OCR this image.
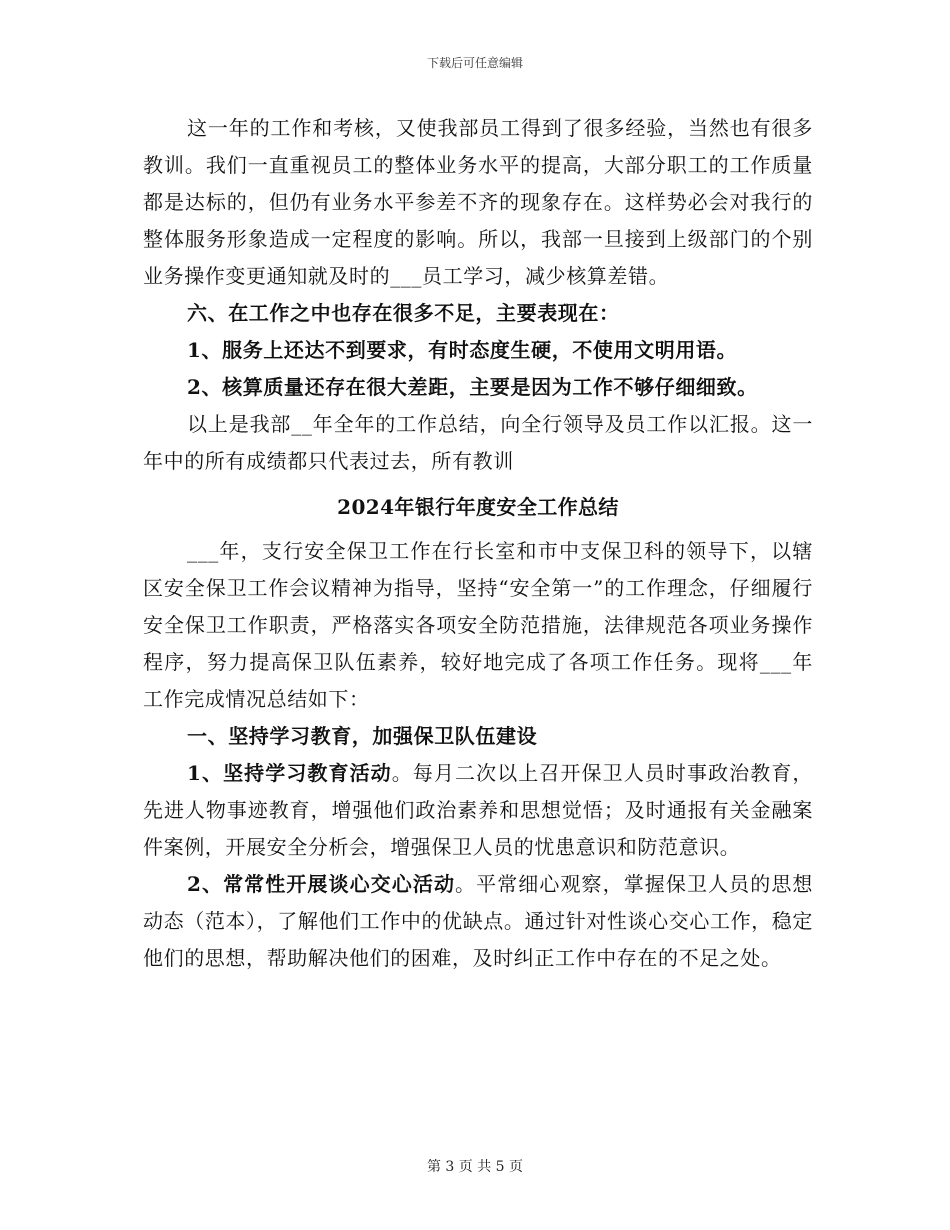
下载后可任意编辑

这一年的工作和考核，又使我部员工得到了很多经验，当然也有很多教训。我们一直重视员工的整体业务水平的提高，大部分职工的工作质量都是达标的，但仍有业务水平参差不齐的现象存在。这样势必会对我行的整体服务形象造成一定程度的影响。所以，我部一旦接到上级部门的个别业务操作变更通知就及时的___员工学习，减少核算差错。

六、在工作之中也存在很多不足，主要表现在：

1、服务上还达不到要求，有时态度生硬，不使用文明用语。

2、核算质量还存在很大差距，主要是因为工作不够仔细细致。

以上是我部__年全年的工作总结，向全行领导及员工作以汇报。这一年中的所有成绩都只代表过去，所有教训

2024年银行年度安全工作总结

___年，支行安全保卫工作在行长室和市中支保卫科的领导下，以辖区安全保卫工作会议精神为指导，坚持“安全第一”的工作理念，仔细履行安全保卫工作职责，严格落实各项安全防范措施，法律规范各项业务操作程序，努力提高保卫队伍素养，较好地完成了各项工作任务。现将___年工作完成情况总结如下：

一、坚持学习教育，加强保卫队伍建设

1、坚持学习教育活动。每月二次以上召开保卫人员时事政治教育，先进人物事迹教育，增强他们政治素养和思想觉悟；及时通报有关金融案件案例，开展安全分析会，增强保卫人员的忧患意识和防范意识。

2、常常性开展谈心交心活动。平常细心观察，掌握保卫人员的思想动态（范本），了解他们工作中的优缺点。通过针对性谈心交心工作，稳定他们的思想，帮助解决他们的困难，及时纠正工作中存在的不足之处。

第 3 页 共 5 页
